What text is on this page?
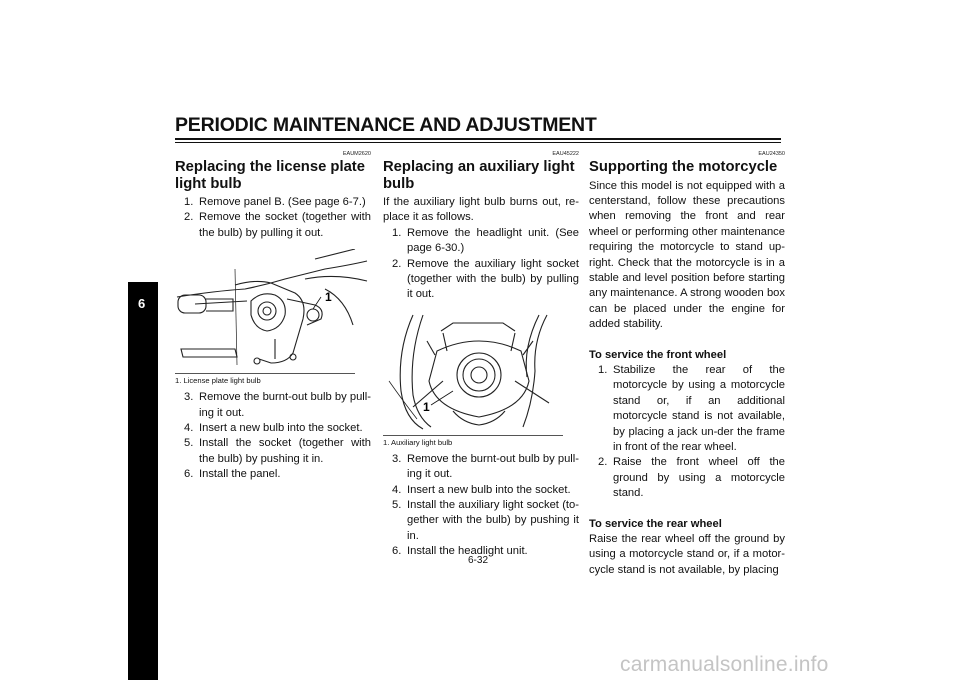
PERIODIC MAINTENANCE AND ADJUSTMENT
6

EAUM2620

Replacing the license plate light bulb
1. Remove panel B. (See page 6-7.)
2. Remove the socket (together with the bulb) by pulling it out.
1
1. License plate light bulb
3. Remove the burnt-out bulb by pull-ing it out.
4. Insert a new bulb into the socket.
5. Install the socket (together with the bulb) by pushing it in.
6. Install the panel.

EAU45222

Replacing an auxiliary light bulb

If the auxiliary light bulb burns out, re-place it as follows.

1. Remove the headlight unit. (See page 6-30.)
2. Remove the auxiliary light socket (together with the bulb) by pulling it out.
1
1. Auxiliary light bulb
3. Remove the burnt-out bulb by pull-ing it out.
4. Insert a new bulb into the socket.
5. Install the auxiliary light socket (to-gether with the bulb) by pushing it in.
6. Install the headlight unit.

EAU24350

Supporting the motorcycle

Since this model is not equipped with a centerstand, follow these precautions when removing the front and rear wheel or performing other maintenance requiring the motorcycle to stand up-right. Check that the motorcycle is in a stable and level position before starting any maintenance. A strong wooden box can be placed under the engine for added stability.

To service the front wheel

1. Stabilize the rear of the motorcycle by using a motorcycle stand or, if an additional motorcycle stand is not available, by placing a jack un-der the frame in front of the rear wheel.
2. Raise the front wheel off the ground by using a motorcycle stand.

To service the rear wheel

Raise the rear wheel off the ground by using a motorcycle stand or, if a motor-cycle stand is not available, by placing

6-32
carmanualsonline.info
